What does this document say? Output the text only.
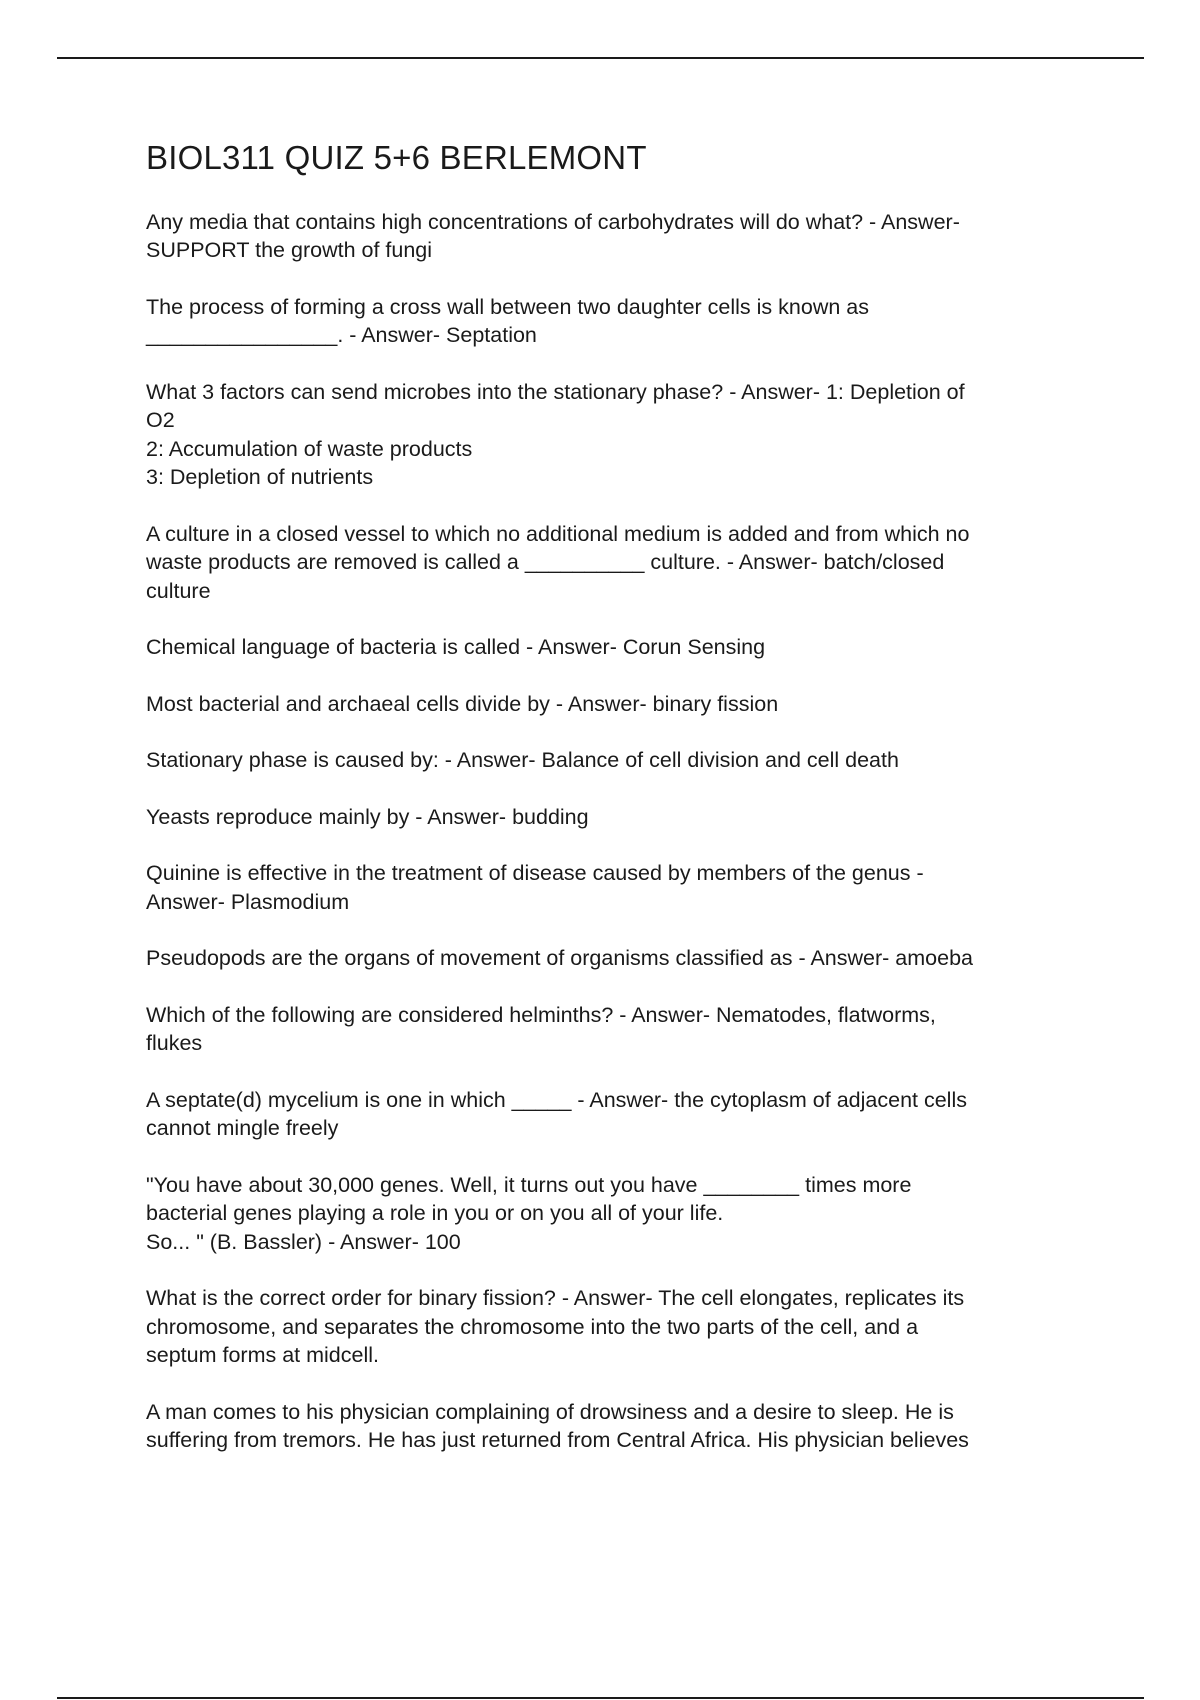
BIOL311 QUIZ 5+6 BERLEMONT

Any media that contains high concentrations of carbohydrates will do what? - Answer-
SUPPORT the growth of fungi

The process of forming a cross wall between two daughter cells is known as
________________. - Answer- Septation

What 3 factors can send microbes into the stationary phase? - Answer- 1: Depletion of
O2
2: Accumulation of waste products
3: Depletion of nutrients

A culture in a closed vessel to which no additional medium is added and from which no
waste products are removed is called a __________ culture. - Answer- batch/closed
culture

Chemical language of bacteria is called - Answer- Corun Sensing

Most bacterial and archaeal cells divide by - Answer- binary fission

Stationary phase is caused by: - Answer- Balance of cell division and cell death

Yeasts reproduce mainly by - Answer- budding

Quinine is effective in the treatment of disease caused by members of the genus -
Answer- Plasmodium

Pseudopods are the organs of movement of organisms classified as - Answer- amoeba

Which of the following are considered helminths? - Answer- Nematodes, flatworms,
flukes

A septate(d) mycelium is one in which _____ - Answer- the cytoplasm of adjacent cells
cannot mingle freely

"You have about 30,000 genes. Well, it turns out you have ________ times more
bacterial genes playing a role in you or on you all of your life.
So... " (B. Bassler) - Answer- 100

What is the correct order for binary fission? - Answer- The cell elongates, replicates its
chromosome, and separates the chromosome into the two parts of the cell, and a
septum forms at midcell.

A man comes to his physician complaining of drowsiness and a desire to sleep. He is
suffering from tremors. He has just returned from Central Africa. His physician believes
